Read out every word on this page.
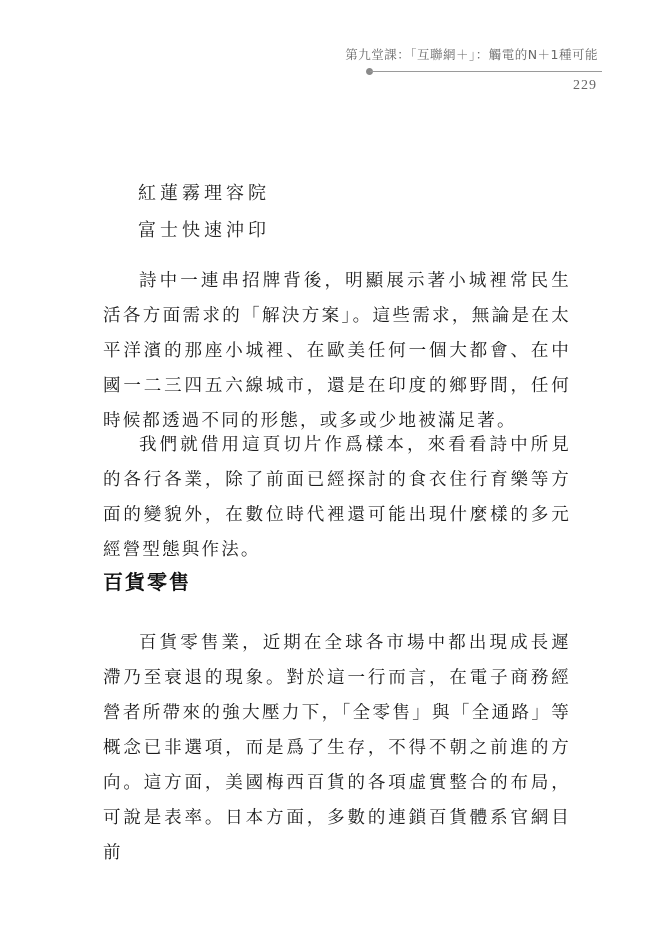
第九堂課：「互聯網＋」：觸電的N＋1種可能
229
紅蓮霧理容院
富士快速沖印

詩中一連串招牌背後，明顯展示著小城裡常民生活各方面需求的「解決方案」。這些需求，無論是在太平洋濱的那座小城裡、在歐美任何一個大都會、在中國一二三四五六線城市，還是在印度的鄉野間，任何時候都透過不同的形態，或多或少地被滿足著。

我們就借用這頁切片作爲樣本，來看看詩中所見的各行各業，除了前面已經探討的食衣住行育樂等方面的變貌外，在數位時代裡還可能出現什麼樣的多元經營型態與作法。

百貨零售

百貨零售業，近期在全球各市場中都出現成長遲滯乃至衰退的現象。對於這一行而言，在電子商務經營者所帶來的強大壓力下，「全零售」與「全通路」等概念已非選項，而是爲了生存，不得不朝之前進的方向。這方面，美國梅西百貨的各項虛實整合的布局，可說是表率。日本方面，多數的連鎖百貨體系官網目前
